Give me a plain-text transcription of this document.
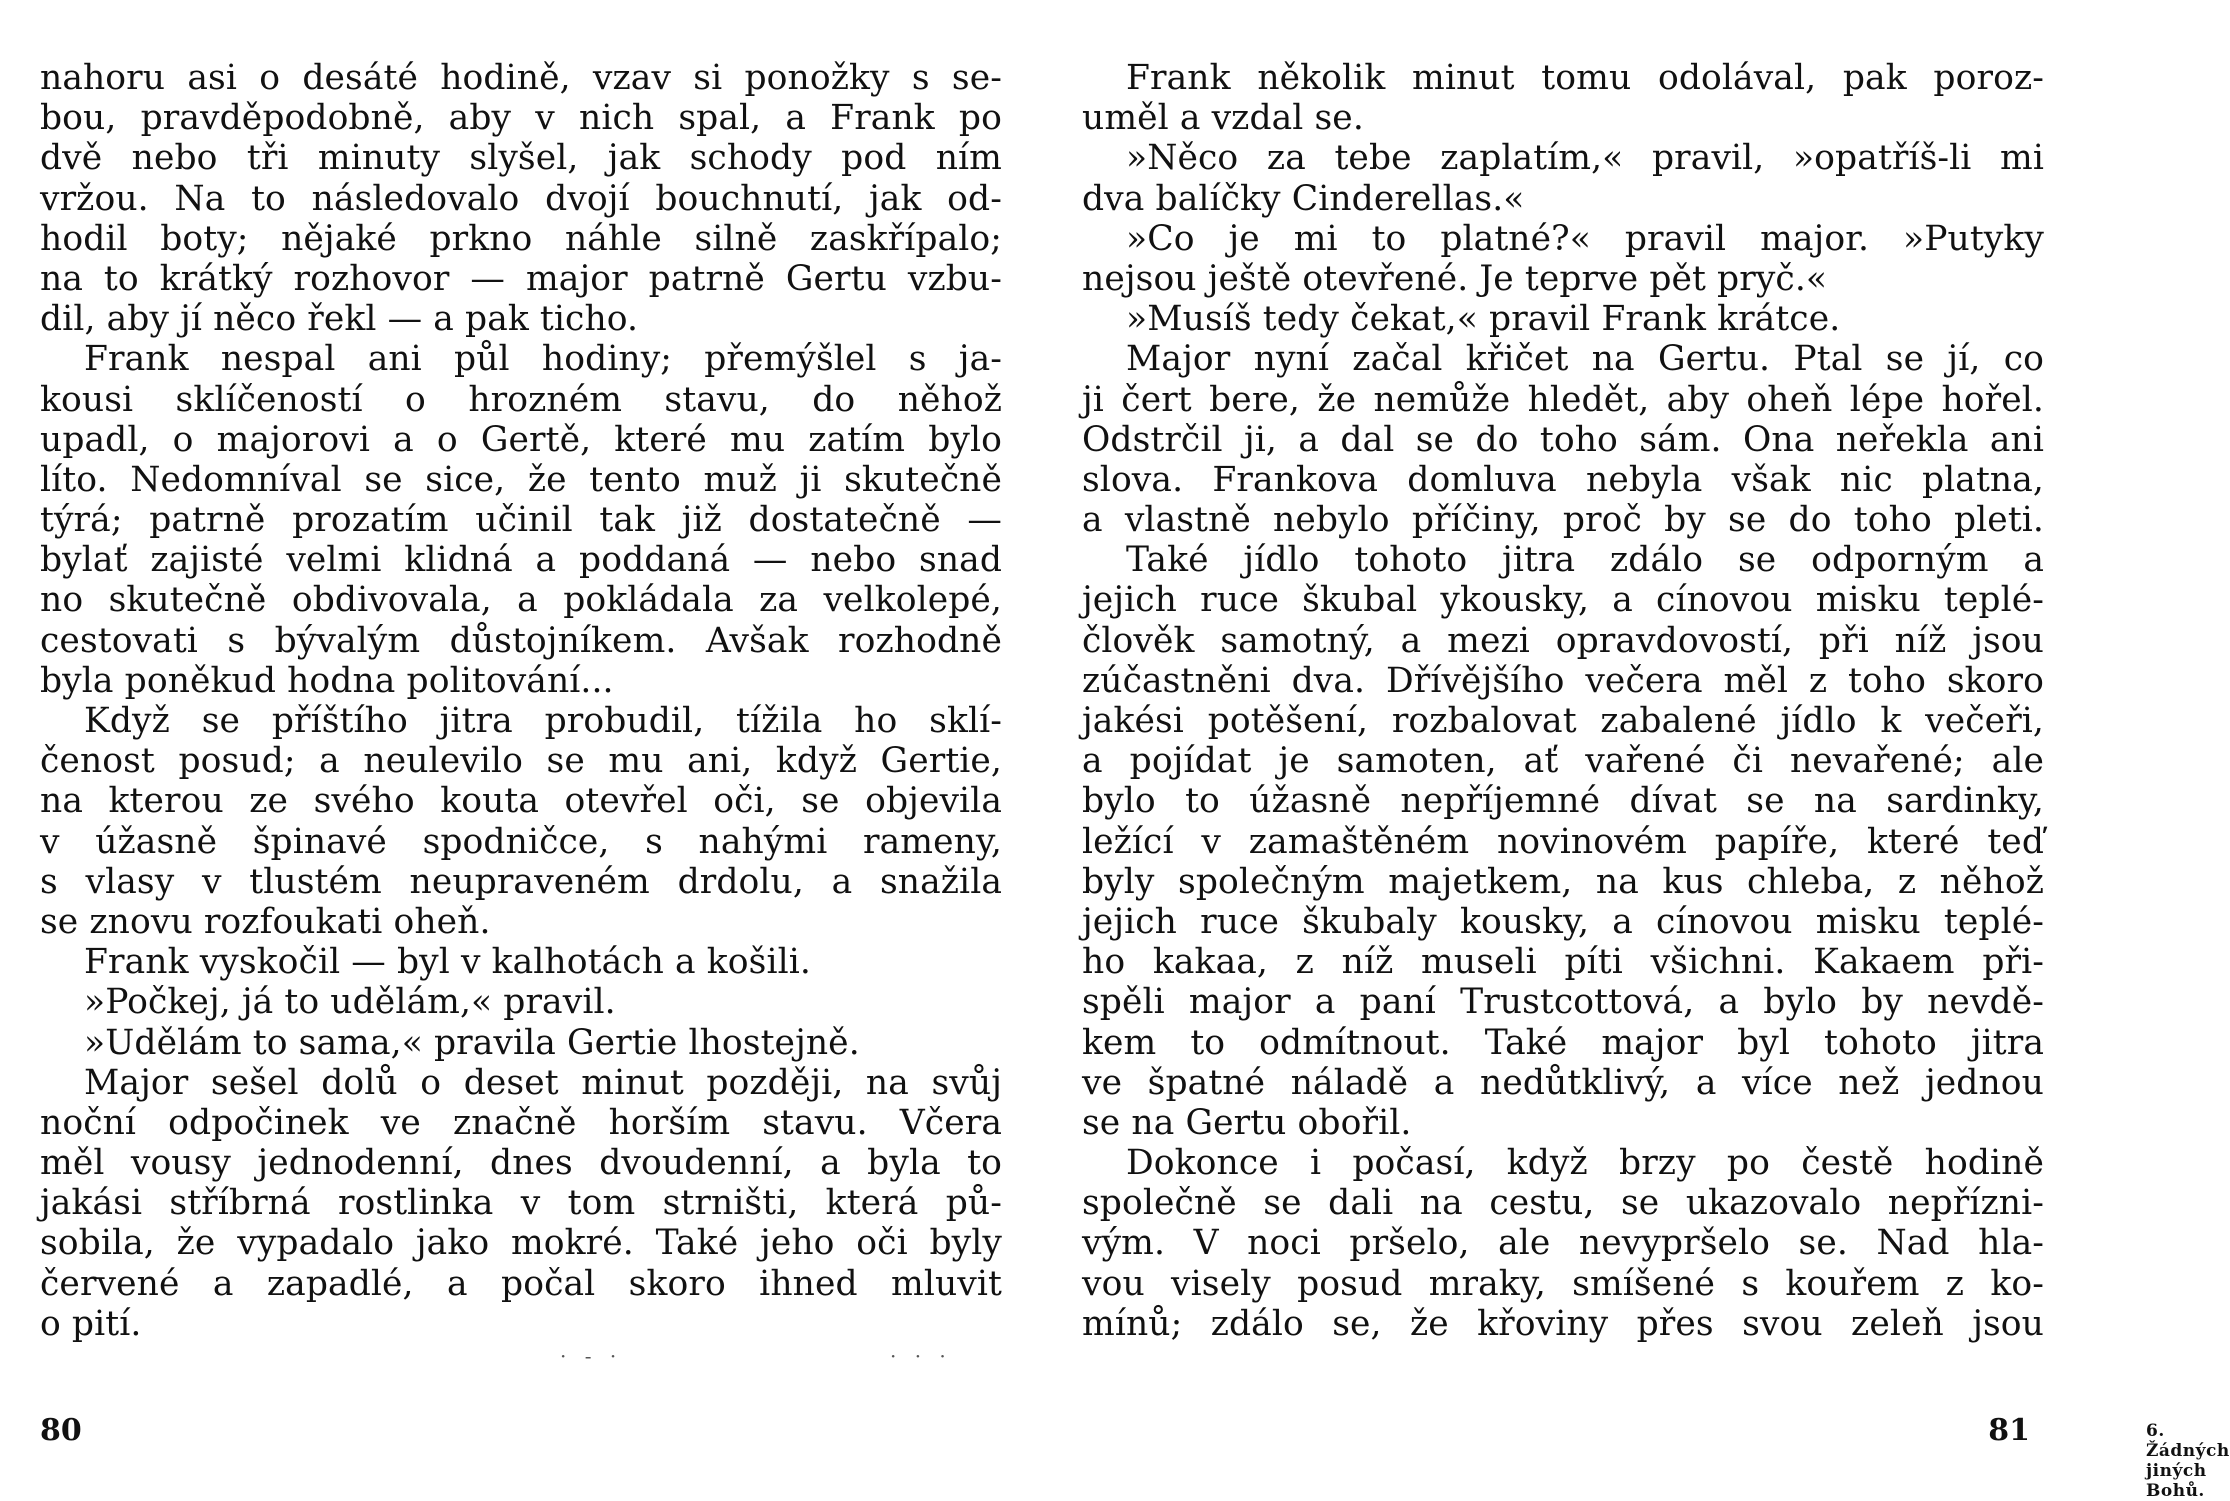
nahoru asi o desáté hodině, vzav si ponožky s se-
bou, pravděpodobně, aby v nich spal, a Frank po
dvě nebo tři minuty slyšel, jak schody pod ním
vržou. Na to následovalo dvojí bouchnutí, jak od-
hodil boty; nějaké prkno náhle silně zaskřípalo;
na to krátký rozhovor — major patrně Gertu vzbu-
dil, aby jí něco řekl — a pak ticho.
Frank nespal ani půl hodiny; přemýšlel s ja-
kousi sklíčeností o hrozném stavu, do něhož
upadl, o majorovi a o Gertě, které mu zatím bylo
líto. Nedomníval se sice, že tento muž ji skutečně
týrá; patrně prozatím učinil tak již dostatečně —
bylať zajisté velmi klidná a poddaná — nebo snad
no skutečně obdivovala, a pokládala za velkolepé,
cestovati s bývalým důstojníkem. Avšak rozhodně
byla poněkud hodna politování...
Když se příštího jitra probudil, tížila ho sklí-
čenost posud; a neulevilo se mu ani, když Gertie,
na kterou ze svého kouta otevřel oči, se objevila
v úžasně špinavé spodničce, s nahými rameny,
s vlasy v tlustém neupraveném drdolu, a snažila
se znovu rozfoukati oheň.
Frank vyskočil — byl v kalhotách a košili.
»Počkej, já to udělám,« pravil.
»Udělám to sama,« pravila Gertie lhostejně.
Major sešel dolů o deset minut později, na svůj
noční odpočinek ve značně horším stavu. Včera
měl vousy jednodenní, dnes dvoudenní, a byla to
jakási stříbrná rostlinka v tom strništi, která pů-
sobila, že vypadalo jako mokré. Také jeho oči byly
červené a zapadlé, a počal skoro ihned mluvit
o pití.
· - ·	· · ·
80
Frank několik minut tomu odolával, pak poroz-
uměl a vzdal se.
»Něco za tebe zaplatím,« pravil, »opatříš-li mi
dva balíčky Cinderellas.«
»Co je mi to platné?« pravil major. »Putyky
nejsou ještě otevřené. Je teprve pět pryč.«
»Musíš tedy čekat,« pravil Frank krátce.
Major nyní začal křičet na Gertu. Ptal se jí, co
ji čert bere, že nemůže hledět, aby oheň lépe hořel.
Odstrčil ji, a dal se do toho sám. Ona neřekla ani
slova. Frankova domluva nebyla však nic platna,
a vlastně nebylo příčiny, proč by se do toho pleti.
Také jídlo tohoto jitra zdálo se odporným a
jejich ruce škubal ykousky, a cínovou misku teplé-
člověk samotný, a mezi opravdovostí, při níž jsou
zúčastněni dva. Dřívějšího večera měl z toho skoro
jakési potěšení, rozbalovat zabalené jídlo k večeři,
a pojídat je samoten, ať vařené či nevařené; ale
bylo to úžasně nepříjemné dívat se na sardinky,
ležící v zamaštěném novinovém papíře, které teď
byly společným majetkem, na kus chleba, z něhož
jejich ruce škubaly kousky, a cínovou misku teplé-
ho kakaa, z níž museli píti všichni. Kakaem při-
spěli major a paní Trustcottová, a bylo by nevdě-
kem to odmítnout. Také major byl tohoto jitra
ve špatné náladě a nedůtklivý, a více než jednou
se na Gertu obořil.
Dokonce i počasí, když brzy po čestě hodině
společně se dali na cestu, se ukazovalo nepřízni-
vým. V noci pršelo, ale nevypršelo se. Nad hla-
vou visely posud mraky, smíšené s kouřem z ko-
mínů; zdálo se, že křoviny přes svou zeleň jsou
6. Žádných jiných Bohů.
81
